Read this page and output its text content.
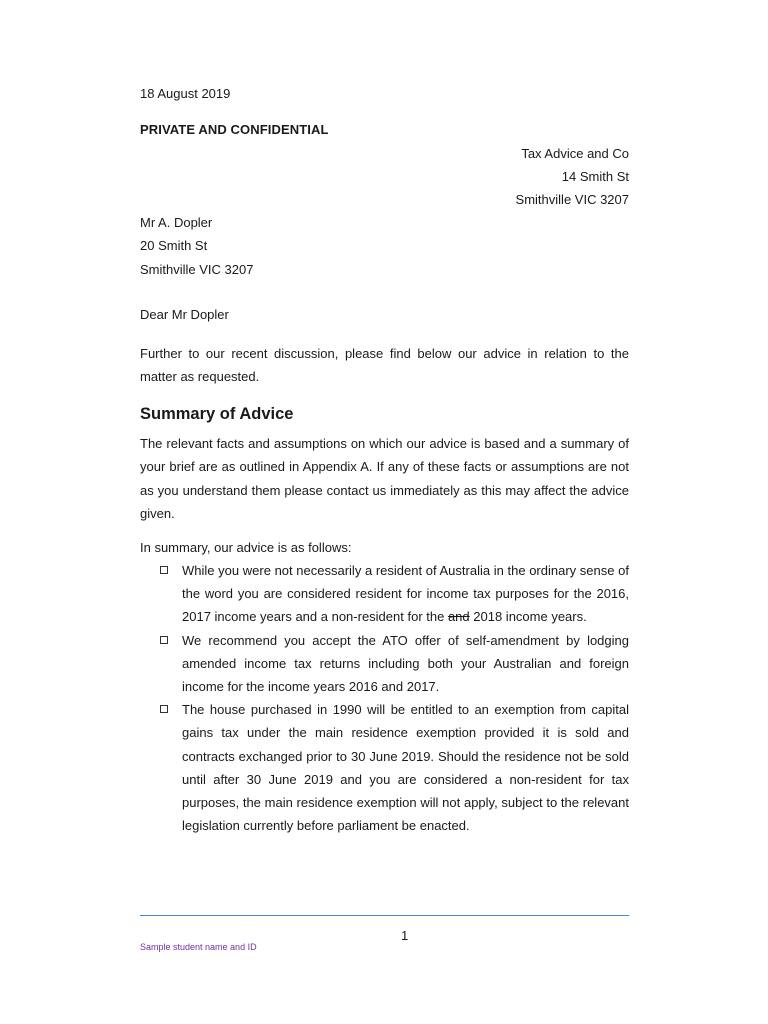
18 August 2019
PRIVATE AND CONFIDENTIAL
Tax Advice and Co
14 Smith St
Smithville VIC 3207
Mr A. Dopler
20 Smith St
Smithville VIC 3207
Dear Mr Dopler
Further to our recent discussion, please find below our advice in relation to the matter as requested.
Summary of Advice
The relevant facts and assumptions on which our advice is based and a summary of your brief are as outlined in Appendix A. If any of these facts or assumptions are not as you understand them please contact us immediately as this may affect the advice given.
In summary, our advice is as follows:
While you were not necessarily a resident of Australia in the ordinary sense of the word you are considered resident for income tax purposes for the 2016, 2017 income years and a non-resident for the and 2018 income years.
We recommend you accept the ATO offer of self-amendment by lodging amended income tax returns including both your Australian and foreign income for the income years 2016 and 2017.
The house purchased in 1990 will be entitled to an exemption from capital gains tax under the main residence exemption provided it is sold and contracts exchanged prior to 30 June 2019. Should the residence not be sold until after 30 June 2019 and you are considered a non-resident for tax purposes, the main residence exemption will not apply, subject to the relevant legislation currently before parliament be enacted.
1
Sample student name and ID
